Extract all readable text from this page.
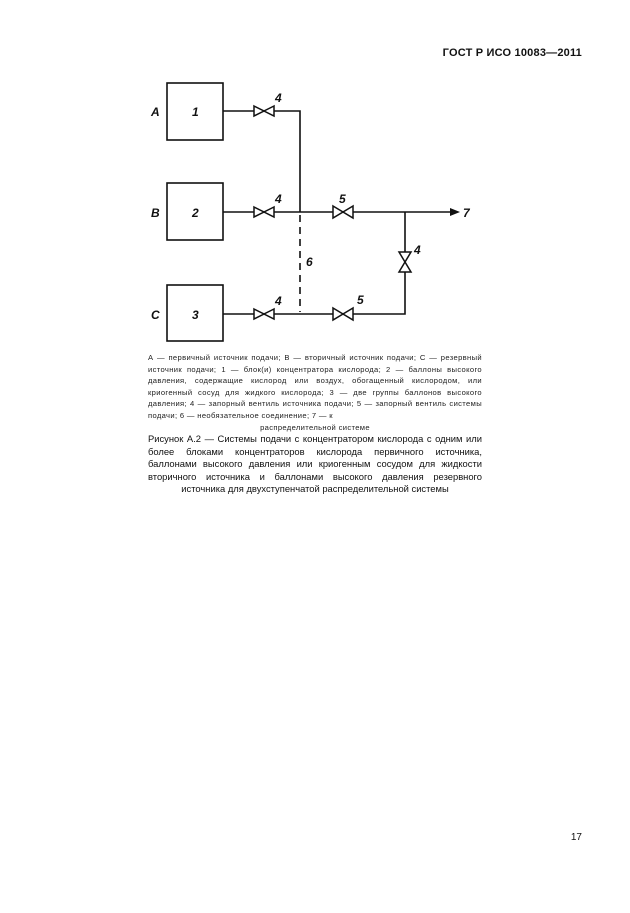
ГОСТ Р ИСО 10083—2011
A
B
C
1
2
3
4
4
4
5
5
4
6
7
А — первичный источник подачи; В — вторичный источник подачи; С — резервный источник подачи; 1 — блок(и) концентратора кислорода; 2 — баллоны высокого давления, содержащие кислород или воздух, обогащенный кислородом, или криогенный сосуд для жидкого кислорода; 3 — две группы баллонов высокого давления; 4 — запорный вентиль источника подачи; 5 — запорный вентиль системы подачи; 6 — необязательное соединение; 7 — к
распределительной системе
Рисунок А.2 — Системы подачи с концентратором кислорода с одним или более блоками концентраторов кислорода первичного источника, баллонами высокого давления или криогенным сосудом для жидкости вторичного источника и баллонами высокого давления резервного источника для двухступенчатой распределительной системы
17
